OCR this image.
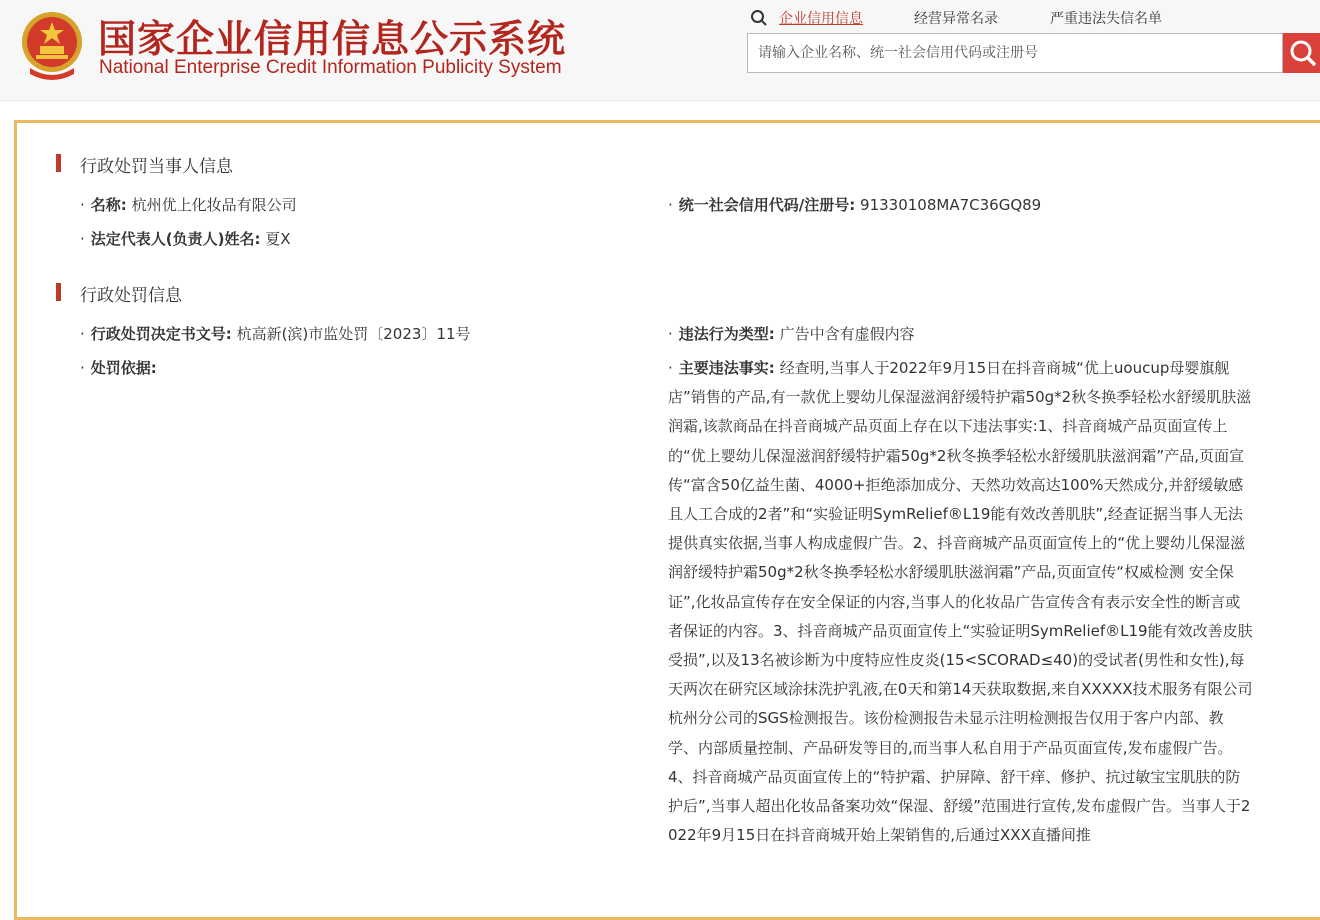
国家企业信用信息公示系统
National Enterprise Credit Information Publicity System
企业信用信息	经营异常名录	严重违法失信名单
请输入企业名称、统一社会信用代码或注册号
行政处罚当事人信息
· 名称: 杭州优上化妆品有限公司	· 统一社会信用代码/注册号: 91330108MA7C36GQ89
· 法定代表人(负责人)姓名: 夏X
行政处罚信息
· 行政处罚决定书文号: 杭高新(滨)市监处罚〔2023〕11号	· 违法行为类型: 广告中含有虚假内容
· 处罚依据:	· 主要违法事实: 经查明,当事人于2022年9月15日在抖音商城“优上uoucup母婴旗舰店”销售的产品,有一款优上婴幼儿保湿滋润舒缓特护霜50g*2秋冬换季轻松水舒缓肌肤滋润霜,该款商品在抖音商城产品页面上存在以下违法事实:1、抖音商城产品页面宣传上的“优上婴幼儿保湿滋润舒缓特护霜50g*2秋冬换季轻松水舒缓肌肤滋润霜”产品,页面宣传“富含50亿益生菌、4000+拒绝添加成分、天然功效高达100%天然成分,并舒缓敏感且人工合成的2者”和“实验证明SymRelief®L19能有效改善肌肤”,经查证据当事人无法提供真实依据,当事人构成虚假广告。2、抖音商城产品页面宣传上的“优上婴幼儿保湿滋润舒缓特护霜50g*2秋冬换季轻松水舒缓肌肤滋润霜”产品,页面宣传“权威检测 安全保证”,化妆品宣传存在安全保证的内容,当事人的化妆品广告宣传含有表示安全性的断言或者保证的内容。3、抖音商城产品页面宣传上“实验证明SymRelief®L19能有效改善皮肤受损”,以及13名被诊断为中度特应性皮炎(15<SCORAD≤40)的受试者(男性和女性),每天两次在研究区域涂抹洗护乳液,在0天和第14天获取数据,来自XXXXX技术服务有限公司杭州分公司的SGS检测报告。该份检测报告未显示注明检测报告仅用于客户内部、教学、内部质量控制、产品研发等目的,而当事人私自用于产品页面宣传,发布虚假广告。4、抖音商城产品页面宣传上的“特护霜、护屏障、舒干痒、修护、抗过敏宝宝肌肤的防护后”,当事人超出化妆品备案功效“保湿、舒缓”范围进行宣传,发布虚假广告。当事人于2022年9月15日在抖音商城开始上架销售的,后通过XXX直播间推
